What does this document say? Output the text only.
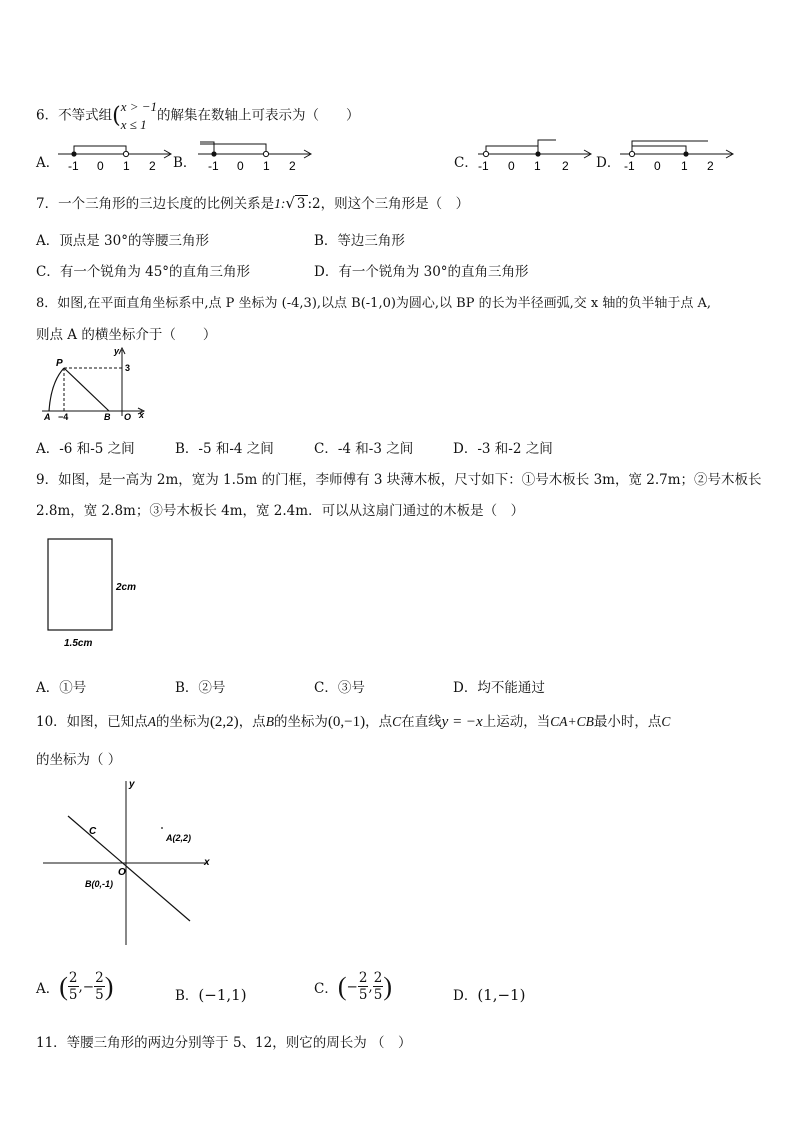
6．不等式组( x > −1
x ≤ 1
的解集在数轴上可表示为（　　）
A．	B．	C．	D．
-1 0 1 2	-1 0 1 2	-1 0 1 2	-1 0 1 2
7．一个三角形的三边长度的比例关系是1:√ 3 :2，则这个三角形是（　）
A．顶点是 30°的等腰三角形	B．等边三角形
C．有一个锐角为 45°的直角三角形	D．有一个锐角为 30°的直角三角形
8．如图,在平面直角坐标系中,点 P 坐标为 (-4,3),以点 B(-1,0)为圆心,以 BP 的长为半径画弧,交 x 轴的负半轴于点 A,
则点 A 的横坐标介于（　　）
P
y
3
A −4	B O x
A．-6 和-5 之间	B．-5 和-4 之间	C．-4 和-3 之间	D．-3 和-2 之间
9．如图，是一高为 2m，宽为 1.5m 的门框，李师傅有 3 块薄木板，尺寸如下：①号木板长 3m，宽 2.7m；②号木板长
2.8m，宽 2.8m；③号木板长 4m，宽 2.4m．可以从这扇门通过的木板是（　）
2cm
1.5cm
A．①号	B．②号	C．③号	D．均不能通过
10．如图，已知点A的坐标为(2,2)，点B的坐标为(0,−1)，点C在直线y = −x上运动，当CA+CB最小时，点C
的坐标为（ ）
y
x
C
A(2,2)
O
B(0,-1)
A． ( $\frac{2}{5}$ ,− $\frac{2}{5}$ )	B．(−1,1)	C． ( − $\frac{2}{5}$ , $\frac{2}{5}$ )	D．(1,−1)
11．等腰三角形的两边分别等于 5、12，则它的周长为 （　）
